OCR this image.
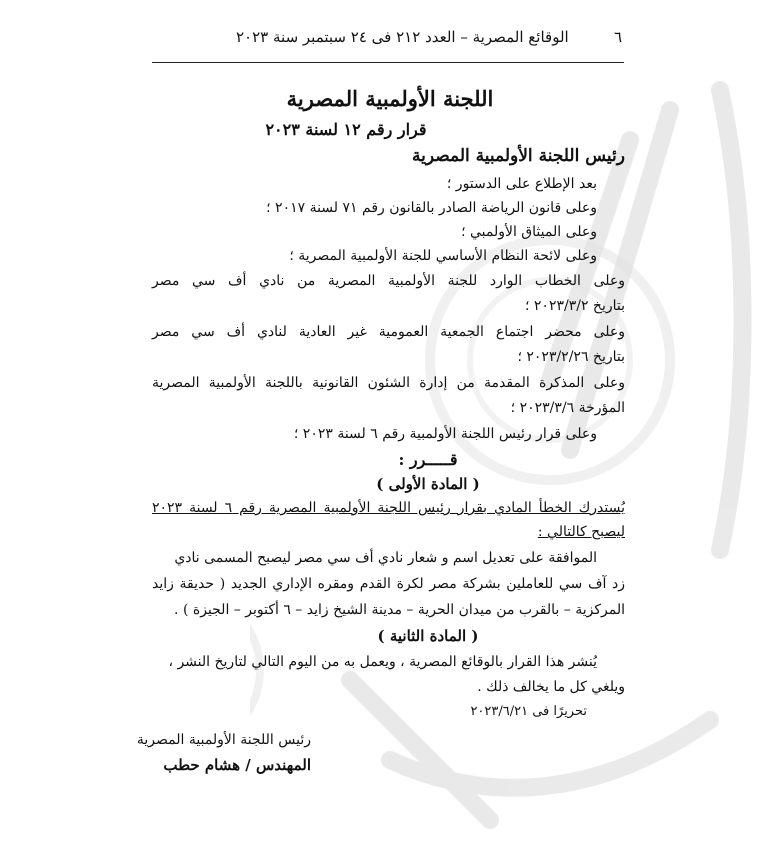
٦
الوقائع المصرية – العدد ٢١٢ فى ٢٤ سبتمبر سنة ٢٠٢٣
اللجنة الأولمبية المصرية
قرار رقم ١٢ لسنة ٢٠٢٣
رئيس اللجنة الأولمبية المصرية
بعد الإطلاع على الدستور ؛
وعلى قانون الرياضة الصادر بالقانون رقم ٧١ لسنة ٢٠١٧ ؛
وعلى الميثاق الأولمبي ؛
وعلى لائحة النظام الأساسي للجنة الأولمبية المصرية ؛
وعلى الخطاب الوارد للجنة الأولمبية المصرية من نادي أف سي مصر
بتاريخ ٢٠٢٣/٣/٢ ؛
وعلى محضر اجتماع الجمعية العمومية غير العادية لنادي أف سي مصر
بتاريخ ٢٠٢٣/٢/٢٦ ؛
وعلى المذكرة المقدمة من إدارة الشئون القانونية باللجنة الأولمبية المصرية
المؤرخة ٢٠٢٣/٣/٦ ؛
وعلى قرار رئيس اللجنة الأولمبية رقم ٦ لسنة ٢٠٢٣ ؛
قـــــرر :
( المادة الأولى )
يُستدرك الخطأ المادي بقرار رئيس اللجنة الأولمبية المصرية رقم ٦ لسنة ٢٠٢٣
ليصبح كالتالي :
الموافقة على تعديل اسم و شعار نادي أف سي مصر ليصبح المسمى نادي
زد آف سي للعاملين بشركة مصر لكرة القدم ومقره الإداري الجديد ( حديقة زايد
المركزية – بالقرب من ميدان الحرية – مدينة الشيخ زايد – ٦ أكتوبر – الجيزة ) .
( المادة الثانية )
يُنشر هذا القرار بالوقائع المصرية ، ويعمل به من اليوم التالي لتاريخ النشر ،
ويلغي كل ما يخالف ذلك .
تحريرًا فى ٢٠٢٣/٦/٢١
رئيس اللجنة الأولمبية المصرية
المهندس / هشام حطب
